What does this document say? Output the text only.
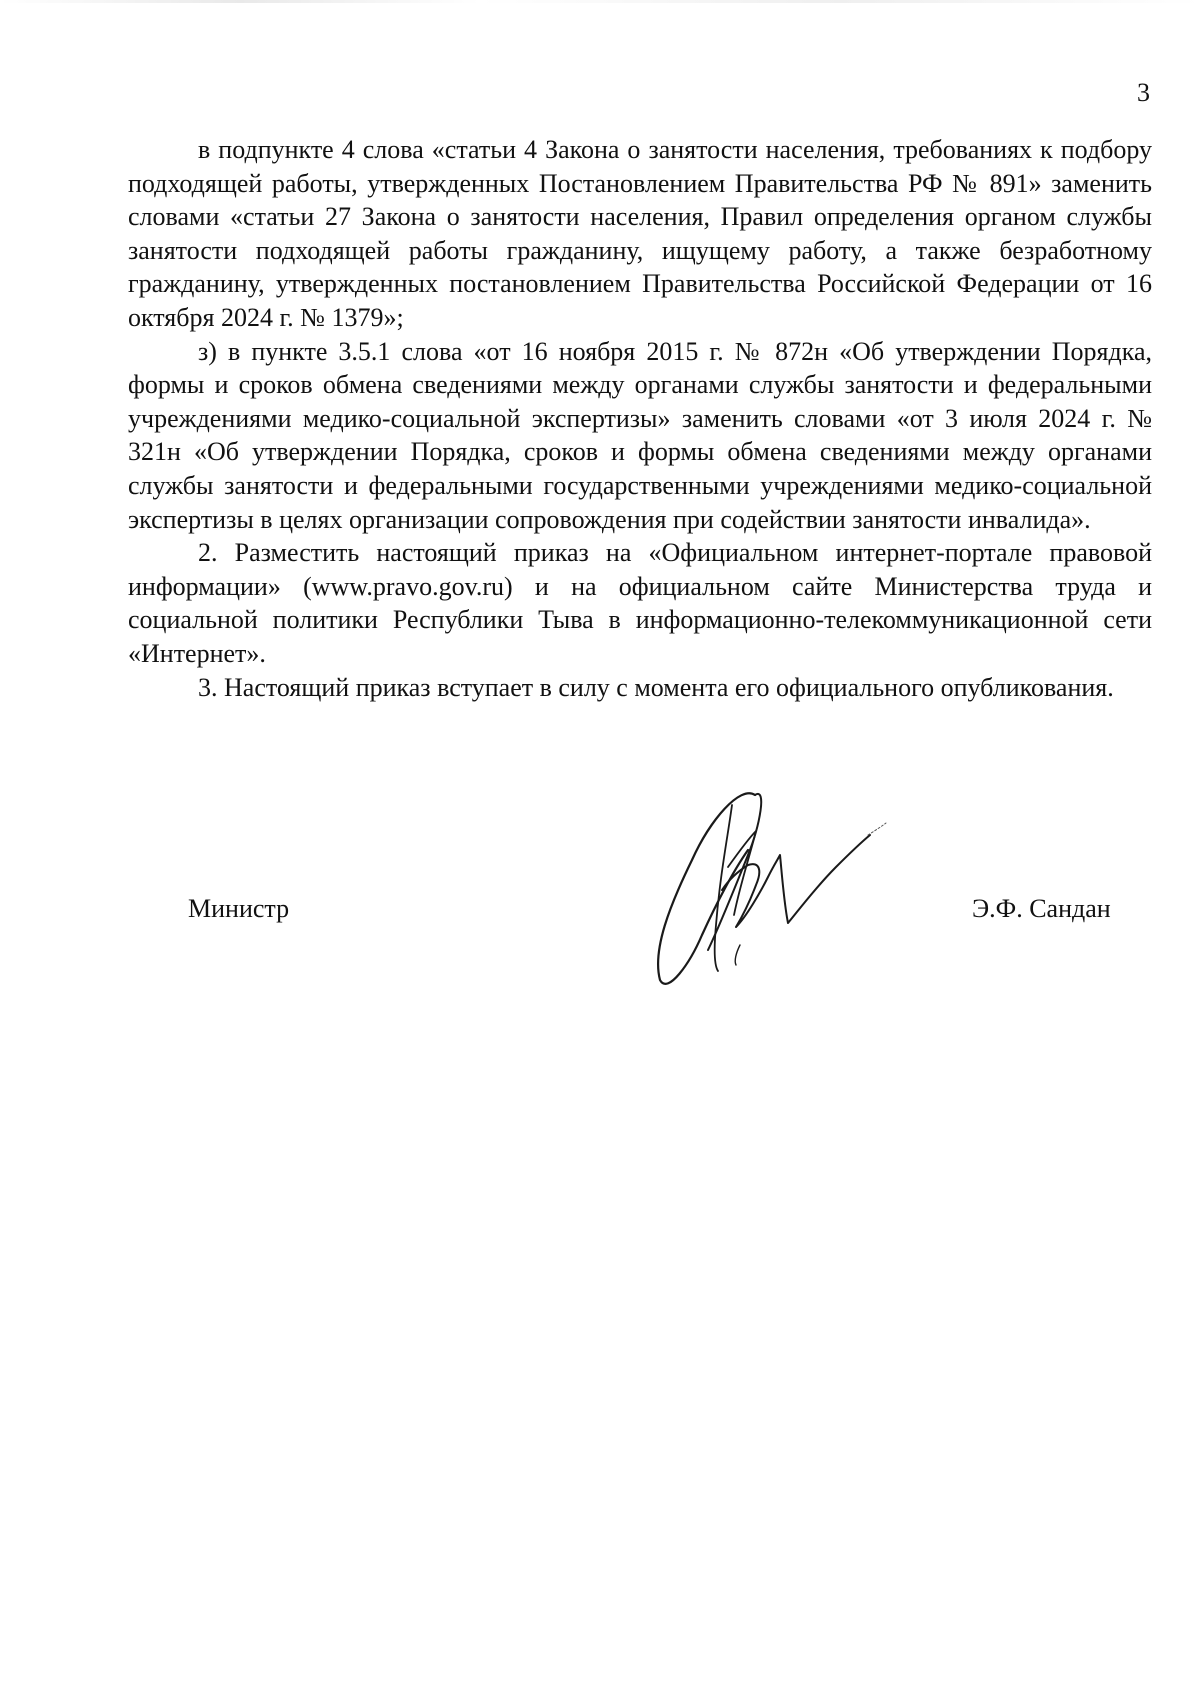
3

в подпункте 4 слова «статьи 4 Закона о занятости населения, требованиях к подбору подходящей работы, утвержденных Постановлением Правительства РФ № 891» заменить словами «статьи 27 Закона о занятости населения, Правил определения органом службы занятости подходящей работы гражданину, ищущему работу, а также безработному гражданину, утвержденных постановлением Правительства Российской Федерации от 16 октября 2024 г. № 1379»;

з) в пункте 3.5.1 слова «от 16 ноября 2015 г. № 872н «Об утверждении Порядка, формы и сроков обмена сведениями между органами службы занятости и федеральными учреждениями медико-социальной экспертизы» заменить словами «от 3 июля 2024 г. № 321н «Об утверждении Порядка, сроков и формы обмена сведениями между органами службы занятости и федеральными государственными учреждениями медико-социальной экспертизы в целях организации сопровождения при содействии занятости инвалида».

2. Разместить настоящий приказ на «Официальном интернет-портале правовой информации» (www.pravo.gov.ru) и на официальном сайте Министерства труда и социальной политики Республики Тыва в информационно-телекоммуникационной сети «Интернет».

3. Настоящий приказ вступает в силу с момента его официального опубликования.

Министр	Э.Ф. Сандан
